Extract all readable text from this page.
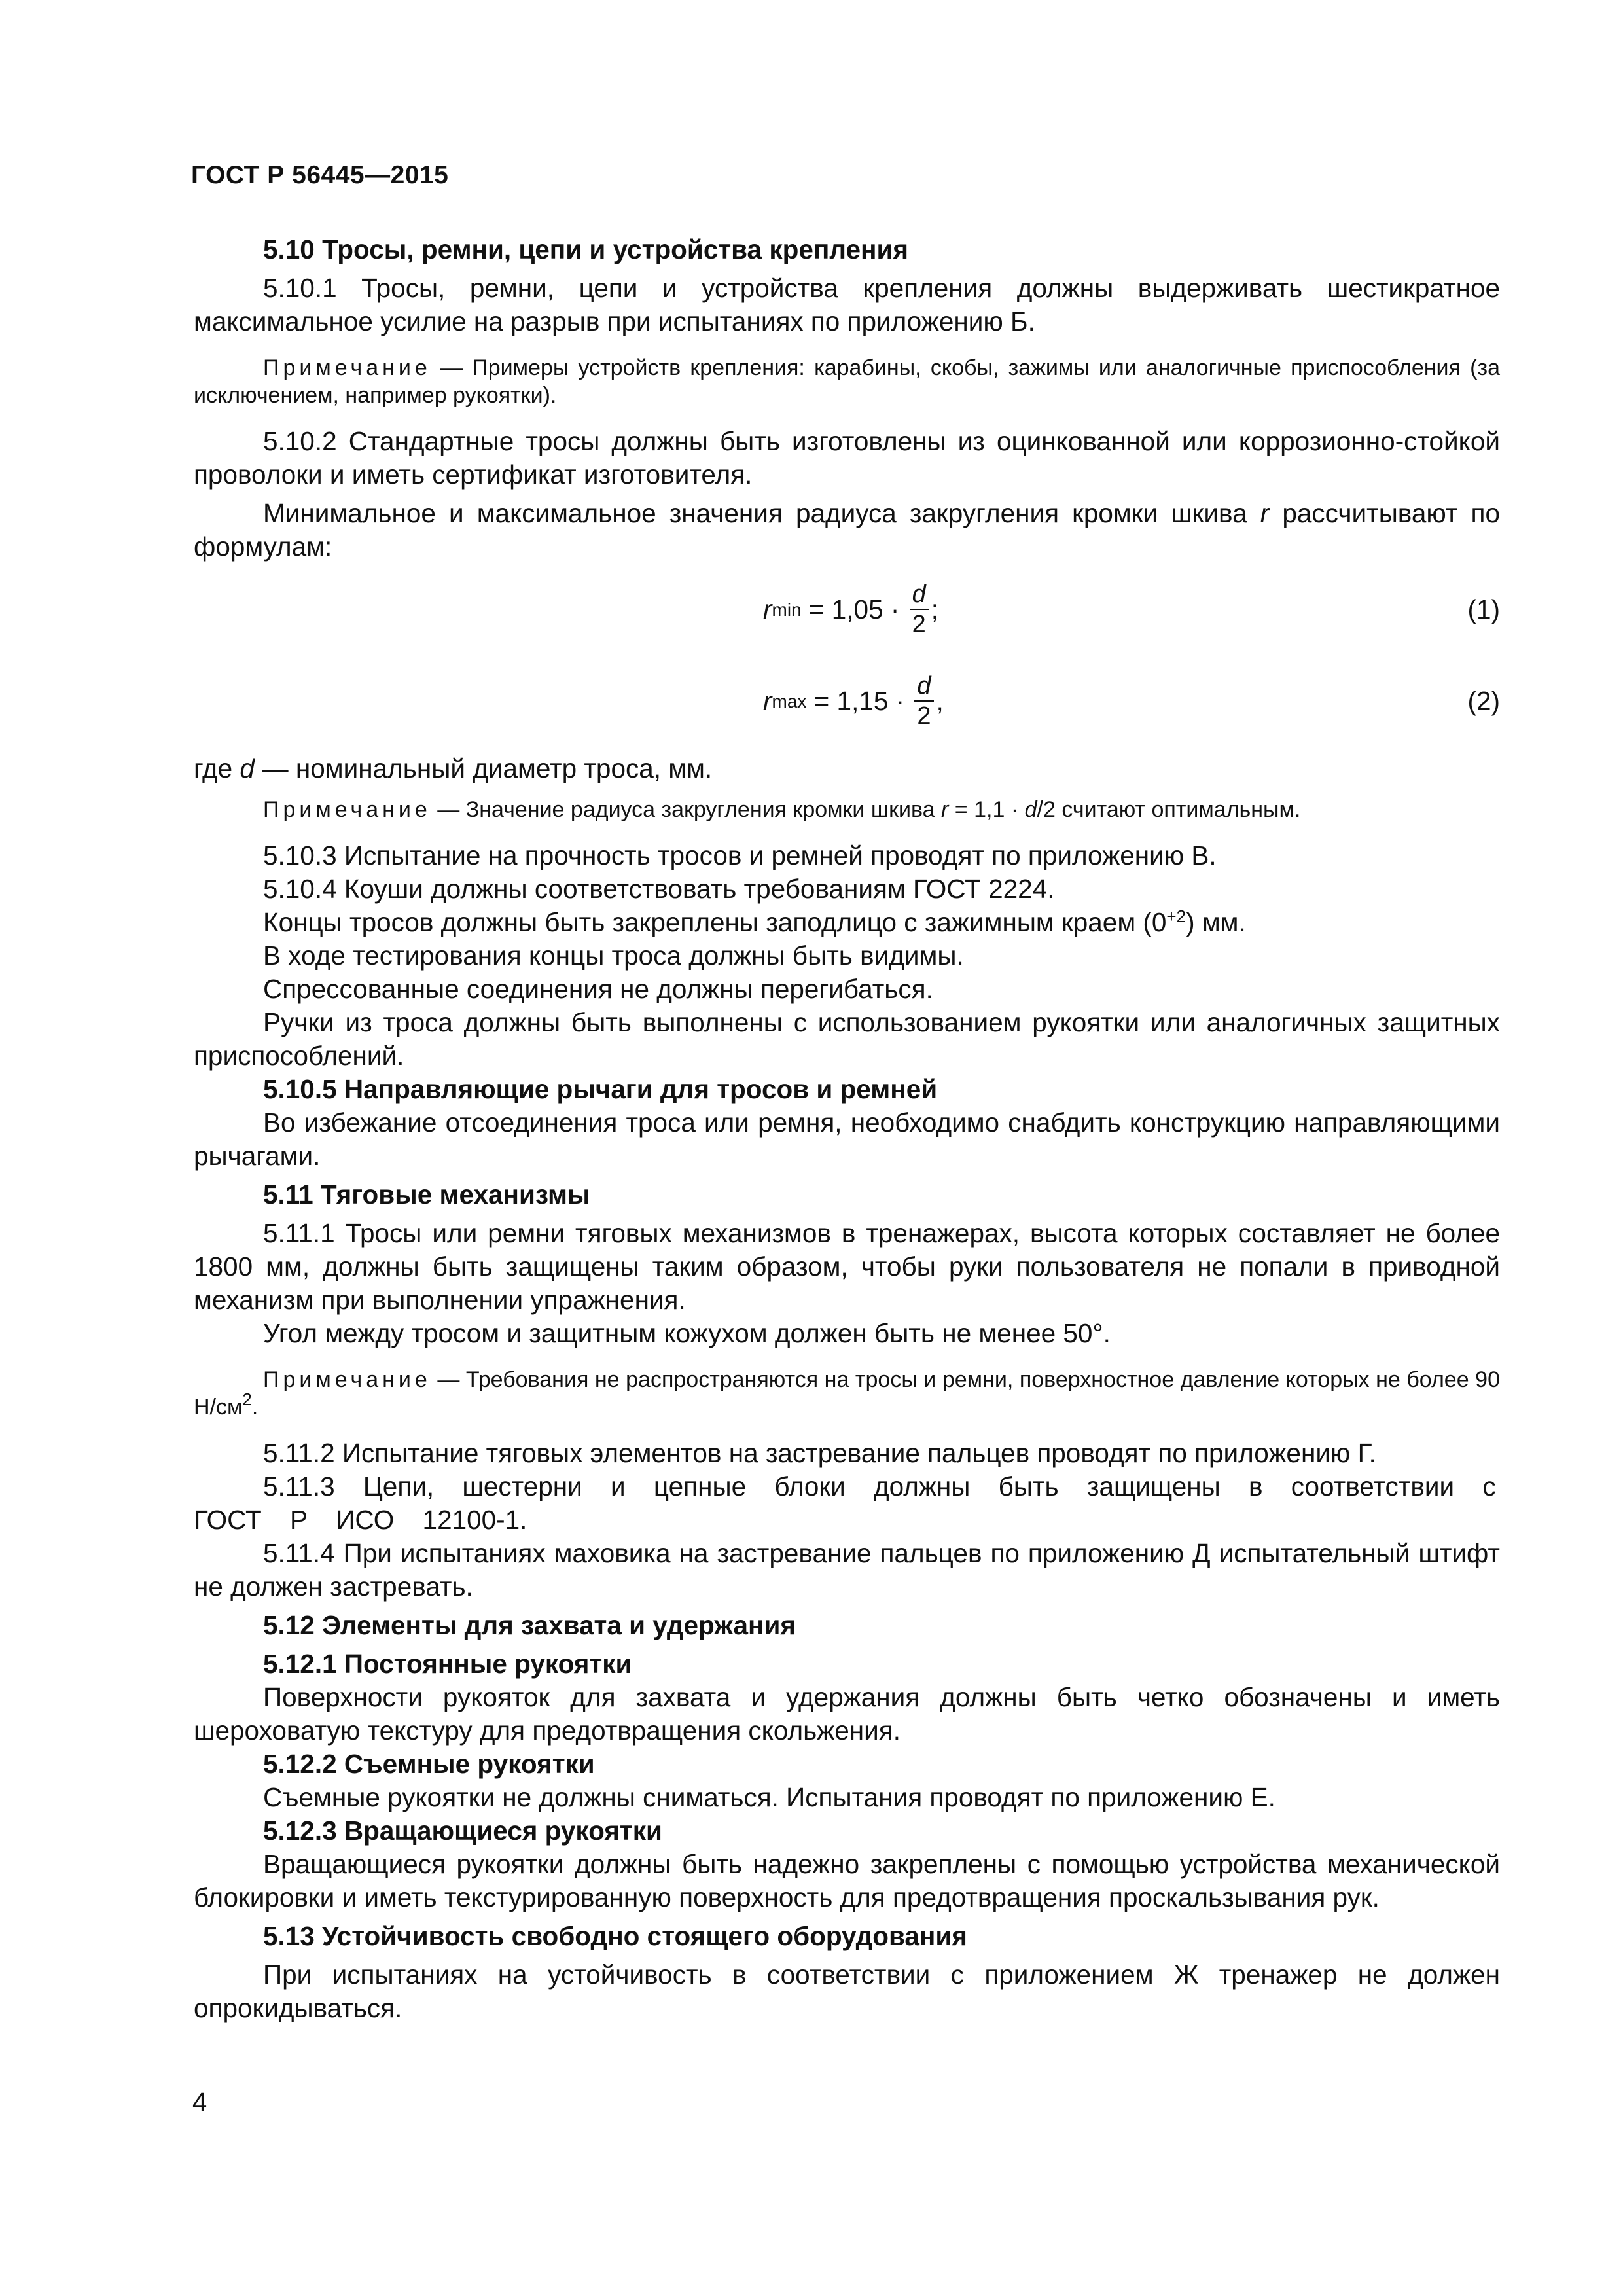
ГОСТ Р 56445—2015

5.10 Тросы, ремни, цепи и устройства крепления

5.10.1 Тросы, ремни, цепи и устройства крепления должны выдерживать шестикратное максимальное усилие на разрыв при испытаниях по приложению Б.

Примечание — Примеры устройств крепления: карабины, скобы, зажимы или аналогичные приспособления (за исключением, например рукоятки).

5.10.2 Стандартные тросы должны быть изготовлены из оцинкованной или коррозионно-стойкой проволоки и иметь сертификат изготовителя.

Минимальное и максимальное значения радиуса закругления кромки шкива r рассчитывают по формулам:

r $\min = 1,05 \cdot \frac{d}{2}$ ;	(1)
r $\max = 1,15 \cdot \frac{d}{2}$ ,	(2)

где d — номинальный диаметр троса, мм.

Примечание — Значение радиуса закругления кромки шкива r = 1,1 · d/2 считают оптимальным.

5.10.3 Испытание на прочность тросов и ремней проводят по приложению В.

5.10.4 Коуши должны соответствовать требованиям ГОСТ 2224.

Концы тросов должны быть закреплены заподлицо с зажимным краем $(0^{+2})$ мм.

В ходе тестирования концы троса должны быть видимы.

Спрессованные соединения не должны перегибаться.

Ручки из троса должны быть выполнены с использованием рукоятки или аналогичных защитных приспособлений.

5.10.5 Направляющие рычаги для тросов и ремней

Во избежание отсоединения троса или ремня, необходимо снабдить конструкцию направляющими рычагами.

5.11 Тяговые механизмы

5.11.1 Тросы или ремни тяговых механизмов в тренажерах, высота которых составляет не более 1800 мм, должны быть защищены таким образом, чтобы руки пользователя не попали в приводной механизм при выполнении упражнения.

Угол между тросом и защитным кожухом должен быть не менее 50°.

Примечание — Требования не распространяются на тросы и ремни, поверхностное давление которых не более 90 $Н/см^2$.

5.11.2 Испытание тяговых элементов на застревание пальцев проводят по приложению Г.

5.11.3 Цепи, шестерни и цепные блоки должны быть защищены в соответствии с ГОСТ Р ИСО 12100-1.

5.11.4 При испытаниях маховика на застревание пальцев по приложению Д испытательный штифт не должен застревать.

5.12 Элементы для захвата и удержания

5.12.1 Постоянные рукоятки

Поверхности рукояток для захвата и удержания должны быть четко обозначены и иметь шероховатую текстуру для предотвращения скольжения.

5.12.2 Съемные рукоятки

Съемные рукоятки не должны сниматься. Испытания проводят по приложению Е.

5.12.3 Вращающиеся рукоятки

Вращающиеся рукоятки должны быть надежно закреплены с помощью устройства механической блокировки и иметь текстурированную поверхность для предотвращения проскальзывания рук.

5.13 Устойчивость свободно стоящего оборудования

При испытаниях на устойчивость в соответствии с приложением Ж тренажер не должен опрокидываться.

4
